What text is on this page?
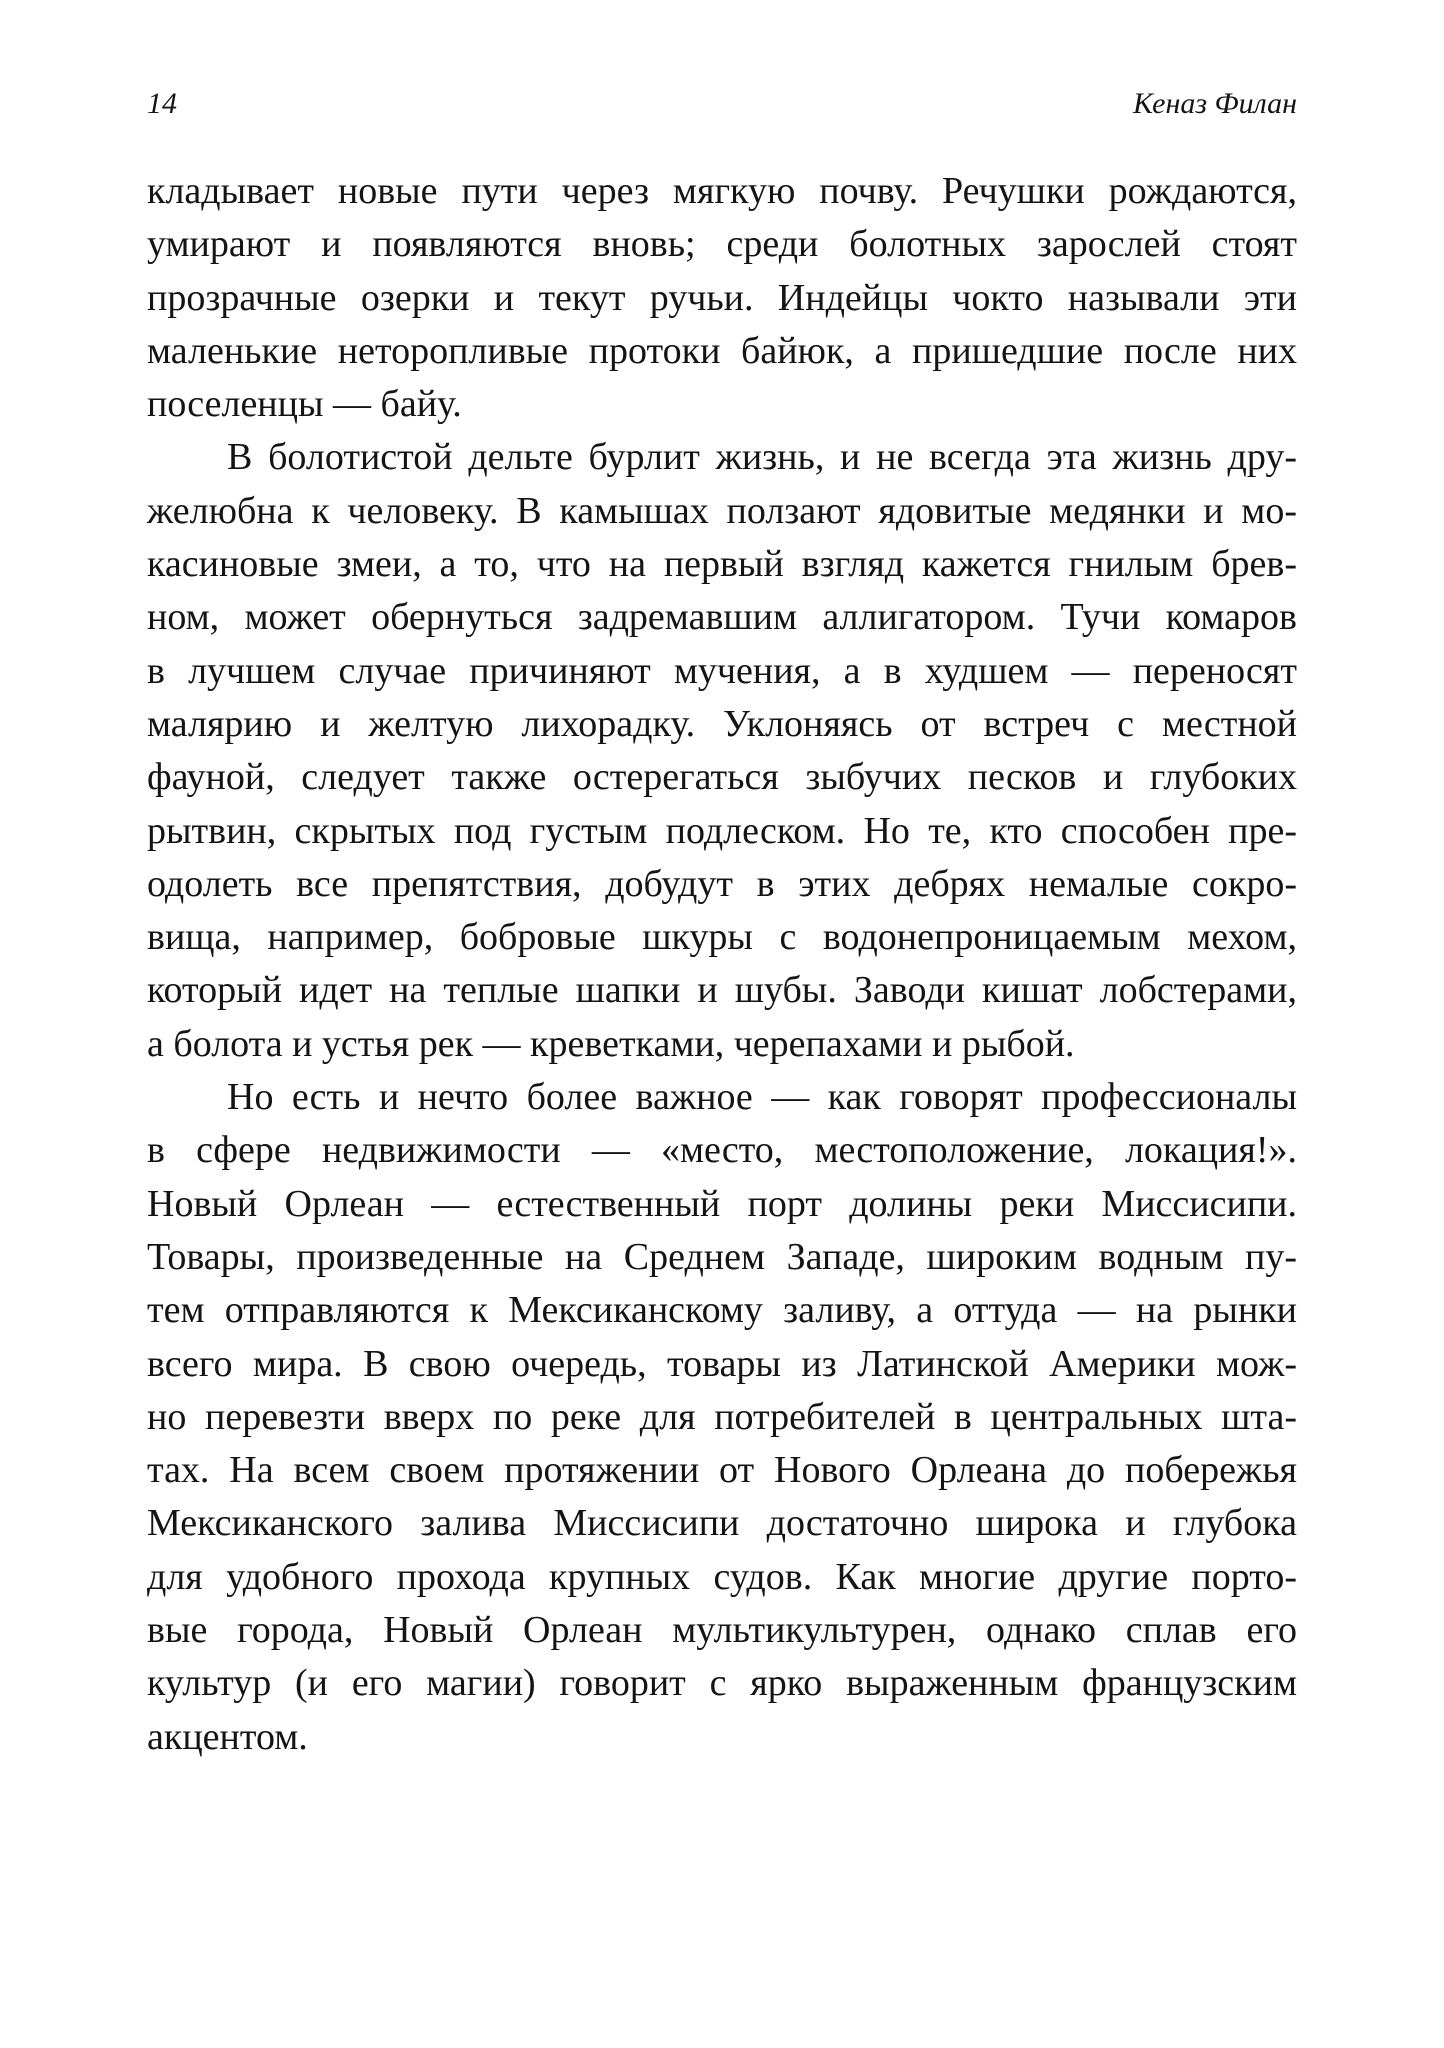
14	Кеназ Филан
кладывает новые пути через мягкую почву. Речушки рождаются,
умирают и появляются вновь; среди болотных зарослей стоят
прозрачные озерки и текут ручьи. Индейцы чокто называли эти
маленькие неторопливые протоки байюк, а пришедшие после них
поселенцы — байу.
В болотистой дельте бурлит жизнь, и не всегда эта жизнь дру-
желюбна к человеку. В камышах ползают ядовитые медянки и мо-
касиновые змеи, а то, что на первый взгляд кажется гнилым брев-
ном, может обернуться задремавшим аллигатором. Тучи комаров
в лучшем случае причиняют мучения, а в худшем — переносят
малярию и желтую лихорадку. Уклоняясь от встреч с местной
фауной, следует также остерегаться зыбучих песков и глубоких
рытвин, скрытых под густым подлеском. Но те, кто способен пре-
одолеть все препятствия, добудут в этих дебрях немалые сокро-
вища, например, бобровые шкуры с водонепроницаемым мехом,
который идет на теплые шапки и шубы. Заводи кишат лобстерами,
а болота и устья рек — креветками, черепахами и рыбой.
Но есть и нечто более важное — как говорят профессионалы
в сфере недвижимости — «место, местоположение, локация!».
Новый Орлеан — естественный порт долины реки Миссисипи.
Товары, произведенные на Среднем Западе, широким водным пу-
тем отправляются к Мексиканскому заливу, а оттуда — на рынки
всего мира. В свою очередь, товары из Латинской Америки мож-
но перевезти вверх по реке для потребителей в центральных шта-
тах. На всем своем протяжении от Нового Орлеана до побережья
Мексиканского залива Миссисипи достаточно широка и глубока
для удобного прохода крупных судов. Как многие другие порто-
вые города, Новый Орлеан мультикультурен, однако сплав его
культур (и его магии) говорит с ярко выраженным французским
акцентом.
